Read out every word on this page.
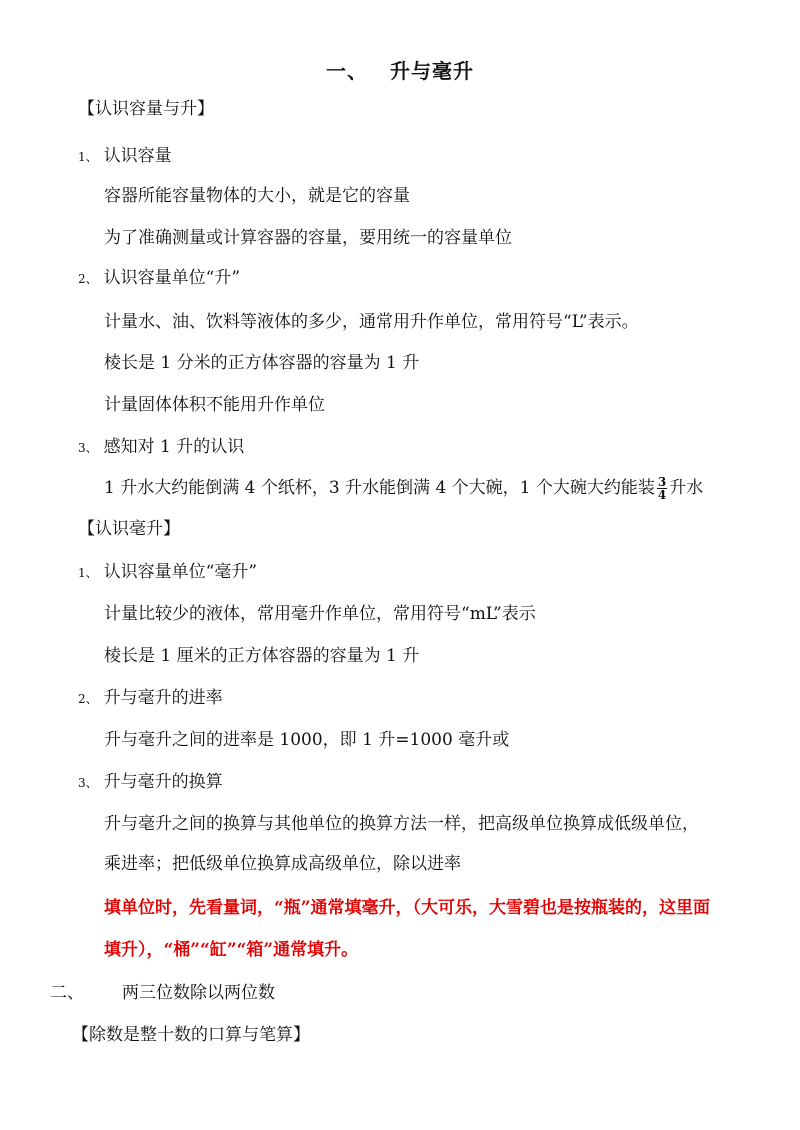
一、 升与毫升
【认识容量与升】
1、 认识容量
容器所能容量物体的大小，就是它的容量
为了准确测量或计算容器的容量，要用统一的容量单位
2、 认识容量单位“升”
计量水、油、饮料等液体的多少，通常用升作单位，常用符号“L”表示。
棱长是 1 分米的正方体容器的容量为 1 升
计量固体体积不能用升作单位
3、 感知对 1 升的认识
1 升水大约能倒满 4 个纸杯，3 升水能倒满 4 个大碗，1 个大碗大约能装 $\frac{3}{4}$ 升水
【认识毫升】
1、 认识容量单位“毫升”
计量比较少的液体，常用毫升作单位，常用符号“mL”表示
棱长是 1 厘米的正方体容器的容量为 1 升
2、 升与毫升的进率
升与毫升之间的进率是 1000，即 1 升=1000 毫升或
3、 升与毫升的换算
升与毫升之间的换算与其他单位的换算方法一样，把高级单位换算成低级单位，
乘进率；把低级单位换算成高级单位，除以进率
填单位时，先看量词，“瓶”通常填毫升，（大可乐，大雪碧也是按瓶装的，这里面
填升），“桶”“缸”“箱”通常填升。
二、 两三位数除以两位数
【除数是整十数的口算与笔算】
